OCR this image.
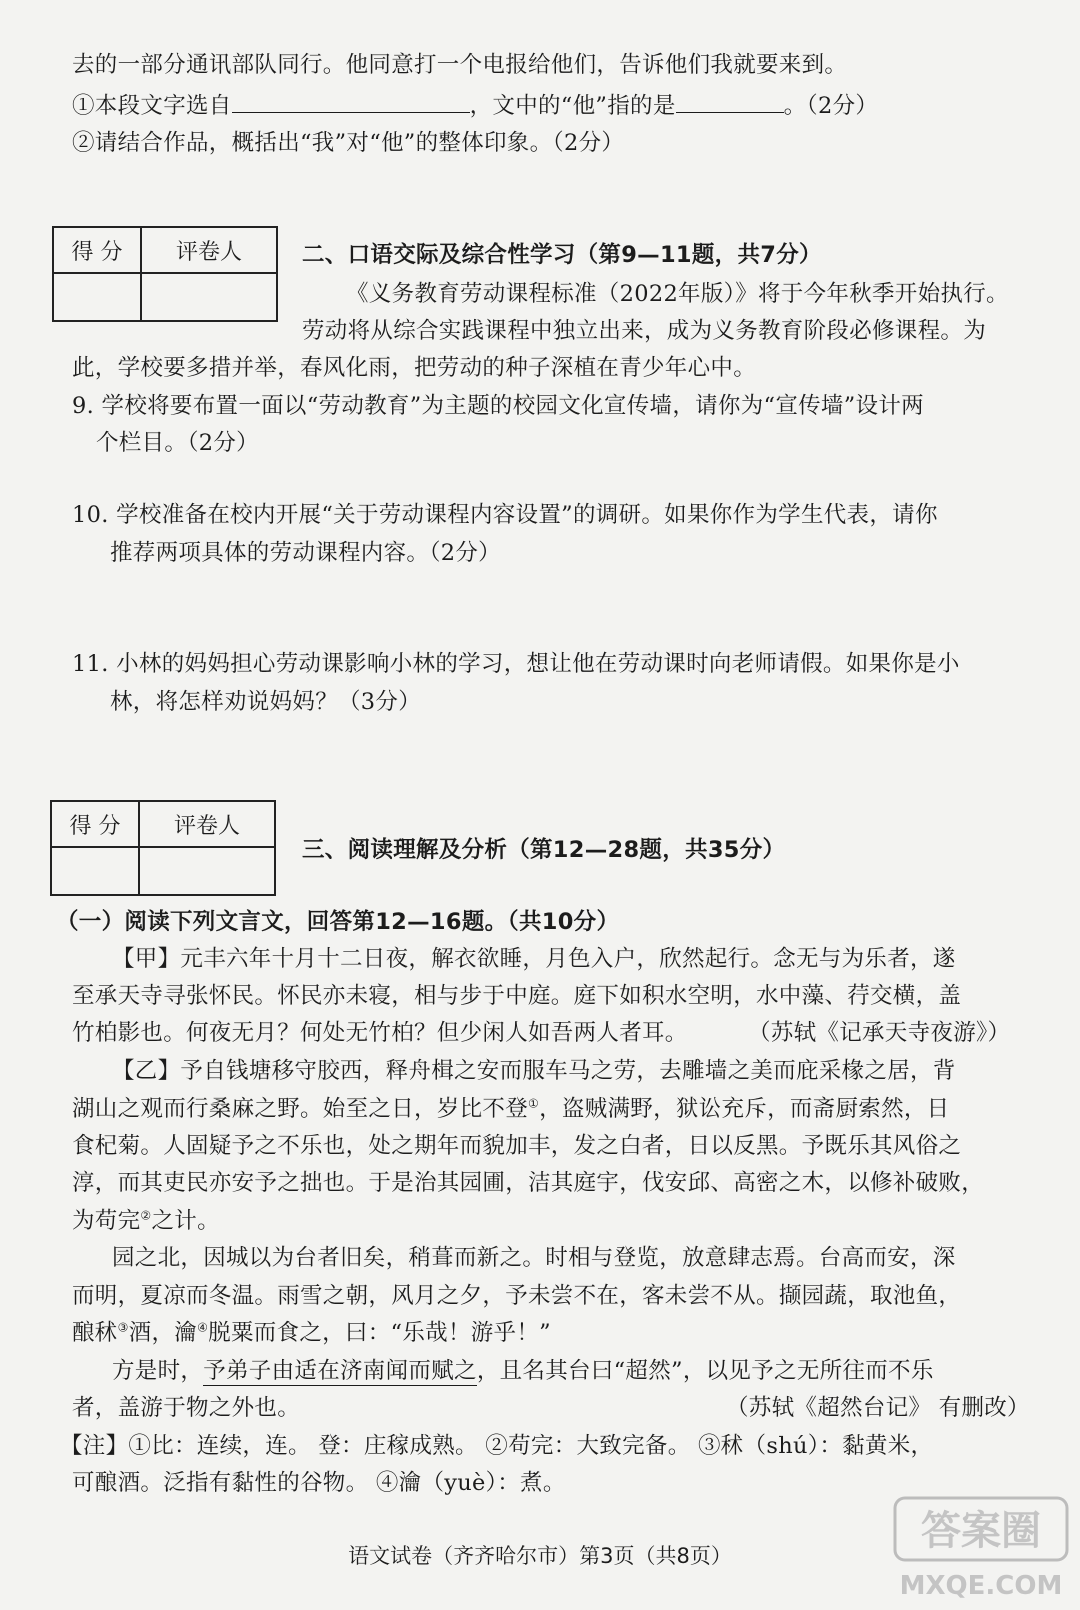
去的一部分通讯部队同行。他同意打一个电报给他们，告诉他们我就要来到。
①本段文字选自	，文中的“他”指的是	。（2分）
②请结合作品，概括出“我”对“他”的整体印象。（2分）
得 分	评卷人	二、口语交际及综合性学习（第9—11题，共7分）
《义务教育劳动课程标准（2022年版）》将于今年秋季开始执行。
劳动将从综合实践课程中独立出来，成为义务教育阶段必修课程。为
此，学校要多措并举，春风化雨，把劳动的种子深植在青少年心中。
9. 学校将要布置一面以“劳动教育”为主题的校园文化宣传墙，请你为“宣传墙”设计两
个栏目。（2分）
10. 学校准备在校内开展“关于劳动课程内容设置”的调研。如果你作为学生代表，请你
推荐两项具体的劳动课程内容。（2分）
11. 小林的妈妈担心劳动课影响小林的学习，想让他在劳动课时向老师请假。如果你是小
林，将怎样劝说妈妈？（3分）
得 分	评卷人
三、阅读理解及分析（第12—28题，共35分）
（一）阅读下列文言文，回答第12—16题。（共10分）
【甲】元丰六年十月十二日夜，解衣欲睡，月色入户，欣然起行。念无与为乐者，遂
至承天寺寻张怀民。怀民亦未寝，相与步于中庭。庭下如积水空明，水中藻、荇交横，盖
竹柏影也。何夜无月？何处无竹柏？但少闲人如吾两人者耳。	（苏轼《记承天寺夜游》）
【乙】予自钱塘移守胶西，释舟楫之安而服车马之劳，去雕墙之美而庇采椽之居，背
湖山之观而行桑麻之野。始至之日，岁比不登①，盗贼满野，狱讼充斥，而斋厨索然，日
食杞菊。人固疑予之不乐也，处之期年而貌加丰，发之白者，日以反黑。予既乐其风俗之
淳，而其吏民亦安予之拙也。于是治其园圃，洁其庭宇，伐安邱、高密之木，以修补破败，
为苟完②之计。
园之北，因城以为台者旧矣，稍葺而新之。时相与登览，放意肆志焉。台高而安，深
而明，夏凉而冬温。雨雪之朝，风月之夕，予未尝不在，客未尝不从。撷园蔬，取池鱼，
酿秫③酒，瀹④脱粟而食之，曰：“乐哉！游乎！”
方是时，予弟子由适在济南闻而赋之，且名其台曰“超然”，以见予之无所往而不乐
者，盖游于物之外也。	（苏轼《超然台记》 有删改）
【注】①比：连续，连。 登：庄稼成熟。 ②苟完：大致完备。 ③秫（shú）：黏黄米，
可酿酒。泛指有黏性的谷物。 ④瀹（yuè）：煮。
语文试卷（齐齐哈尔市）第3页（共8页）
答案圈
MXQE.COM
